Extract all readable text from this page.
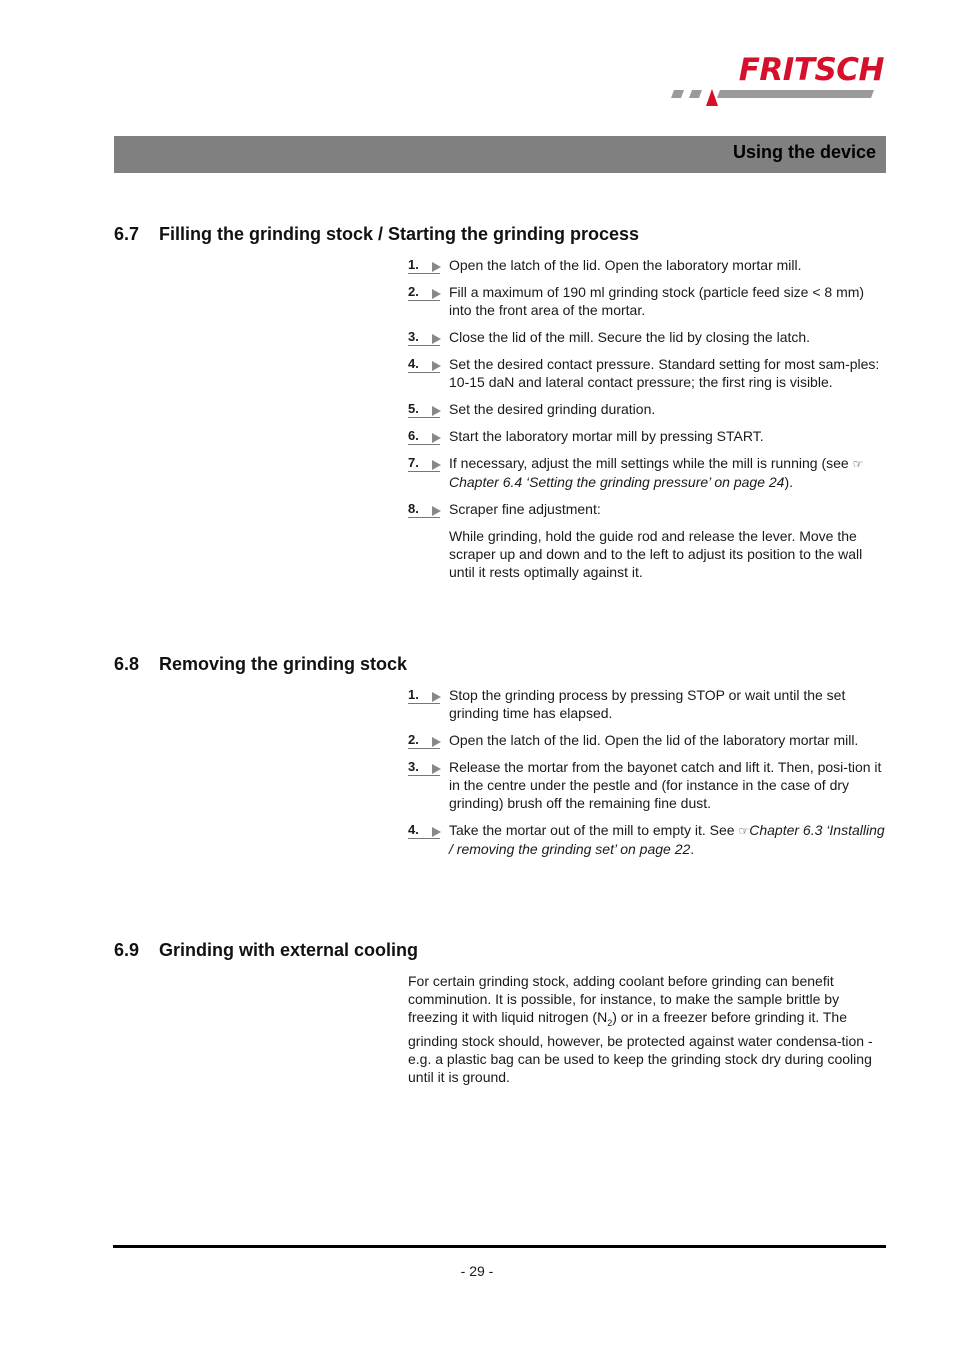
FRITSCH
Using the device
6.7 Filling the grinding stock / Starting the grinding process
1.	Open the latch of the lid. Open the laboratory mortar mill.
2.	Fill a maximum of 190 ml grinding stock (particle feed size < 8 mm) into the front area of the mortar.
3.	Close the lid of the mill. Secure the lid by closing the latch.
4.	Set the desired contact pressure. Standard setting for most sam-ples: 10-15 daN and lateral contact pressure; the first ring is visible.
5.	Set the desired grinding duration.
6.	Start the laboratory mortar mill by pressing START.
7.	If necessary, adjust the mill settings while the mill is running (see ☞Chapter 6.4 ‘Setting the grinding pressure’ on page 24).
8.	Scraper fine adjustment:
While grinding, hold the guide rod and release the lever. Move the scraper up and down and to the left to adjust its position to the wall until it rests optimally against it.
6.8 Removing the grinding stock
1.	Stop the grinding process by pressing STOP or wait until the set grinding time has elapsed.
2.	Open the latch of the lid. Open the lid of the laboratory mortar mill.
3.	Release the mortar from the bayonet catch and lift it. Then, posi-tion it in the centre under the pestle and (for instance in the case of dry grinding) brush off the remaining fine dust.
4.	Take the mortar out of the mill to empty it. See ☞Chapter 6.3 ‘Installing / removing the grinding set’ on page 22.
6.9 Grinding with external cooling
For certain grinding stock, adding coolant before grinding can benefit comminution. It is possible, for instance, to make the sample brittle by freezing it with liquid nitrogen $(N_2)$ or in a freezer before grinding it. The grinding stock should, however, be protected against water condensa-tion - e.g. a plastic bag can be used to keep the grinding stock dry during cooling until it is ground.
- 29 -
